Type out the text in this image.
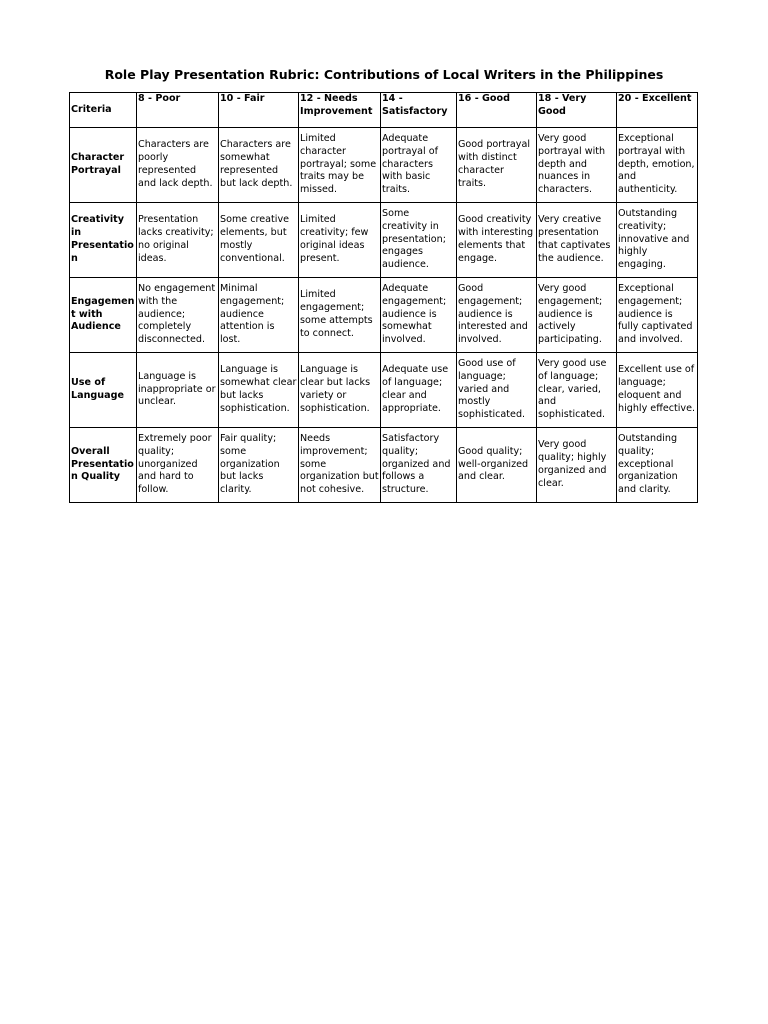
Role Play Presentation Rubric: Contributions of Local Writers in the Philippines
Criteria	8 - Poor	10 - Fair	12 - Needs Improvement	14 - Satisfactory	16 - Good	18 - Very Good	20 - Excellent
Character Portrayal	Characters are poorly represented and lack depth.	Characters are somewhat represented but lack depth.	Limited character portrayal; some traits may be missed.	Adequate portrayal of characters with basic traits.	Good portrayal with distinct character traits.	Very good portrayal with depth and nuances in characters.	Exceptional portrayal with depth, emotion, and authenticity.
Creativity in Presentation	Presentation lacks creativity; no original ideas.	Some creative elements, but mostly conventional.	Limited creativity; few original ideas present.	Some creativity in presentation; engages audience.	Good creativity with interesting elements that engage.	Very creative presentation that captivates the audience.	Outstanding creativity; innovative and highly engaging.
Engagement with Audience	No engagement with the audience; completely disconnected.	Minimal engagement; audience attention is lost.	Limited engagement; some attempts to connect.	Adequate engagement; audience is somewhat involved.	Good engagement; audience is interested and involved.	Very good engagement; audience is actively participating.	Exceptional engagement; audience is fully captivated and involved.
Use of Language	Language is inappropriate or unclear.	Language is somewhat clear but lacks sophistication.	Language is clear but lacks variety or sophistication.	Adequate use of language; clear and appropriate.	Good use of language; varied and mostly sophisticated.	Very good use of language; clear, varied, and sophisticated.	Excellent use of language; eloquent and highly effective.
Overall Presentation Quality	Extremely poor quality; unorganized and hard to follow.	Fair quality; some organization but lacks clarity.	Needs improvement; some organization but not cohesive.	Satisfactory quality; organized and follows a structure.	Good quality; well-organized and clear.	Very good quality; highly organized and clear.	Outstanding quality; exceptional organization and clarity.
